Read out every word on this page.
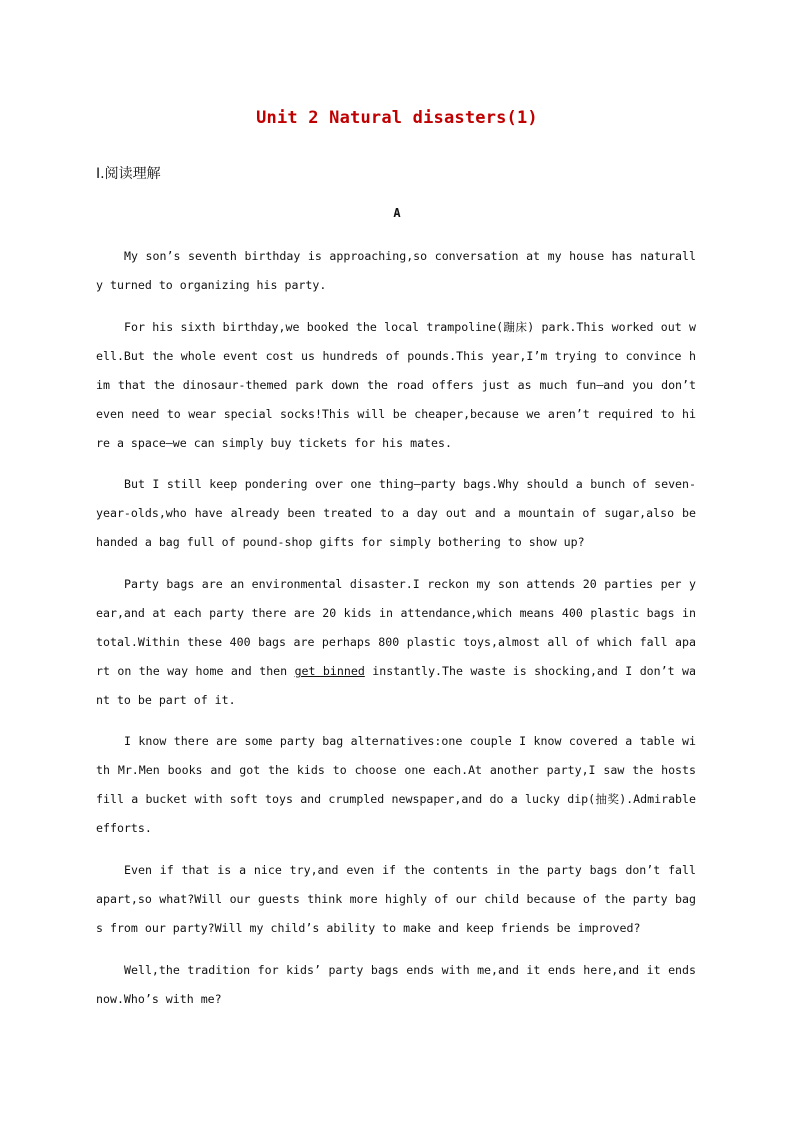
Unit 2 Natural disasters(1)
Ⅰ.阅读理解
A

My son’s seventh birthday is approaching,so conversation at my house has naturally turned to organizing his party.

For his sixth birthday,we booked the local trampoline(蹦床) park.This worked out well.But the whole event cost us hundreds of pounds.This year,I’m trying to convince him that the dinosaur-themed park down the road offers just as much fun—and you don’t even need to wear special socks!This will be cheaper,because we aren’t required to hire a space—we can simply buy tickets for his mates.

But I still keep pondering over one thing—party bags.Why should a bunch of seven-year-olds,who have already been treated to a day out and a mountain of sugar,also be handed a bag full of pound-shop gifts for simply bothering to show up?

Party bags are an environmental disaster.I reckon my son attends 20 parties per year,and at each party there are 20 kids in attendance,which means 400 plastic bags in total.Within these 400 bags are perhaps 800 plastic toys,almost all of which fall apart on the way home and then get binned instantly.The waste is shocking,and I don’t want to be part of it.

I know there are some party bag alternatives:one couple I know covered a table with Mr.Men books and got the kids to choose one each.At another party,I saw the hosts fill a bucket with soft toys and crumpled newspaper,and do a lucky dip(抽奖).Admirable efforts.

Even if that is a nice try,and even if the contents in the party bags don’t fall apart,so what?Will our guests think more highly of our child because of the party bags from our party?Will my child’s ability to make and keep friends be improved?

Well,the tradition for kids’ party bags ends with me,and it ends here,and it ends now.Who’s with me?
